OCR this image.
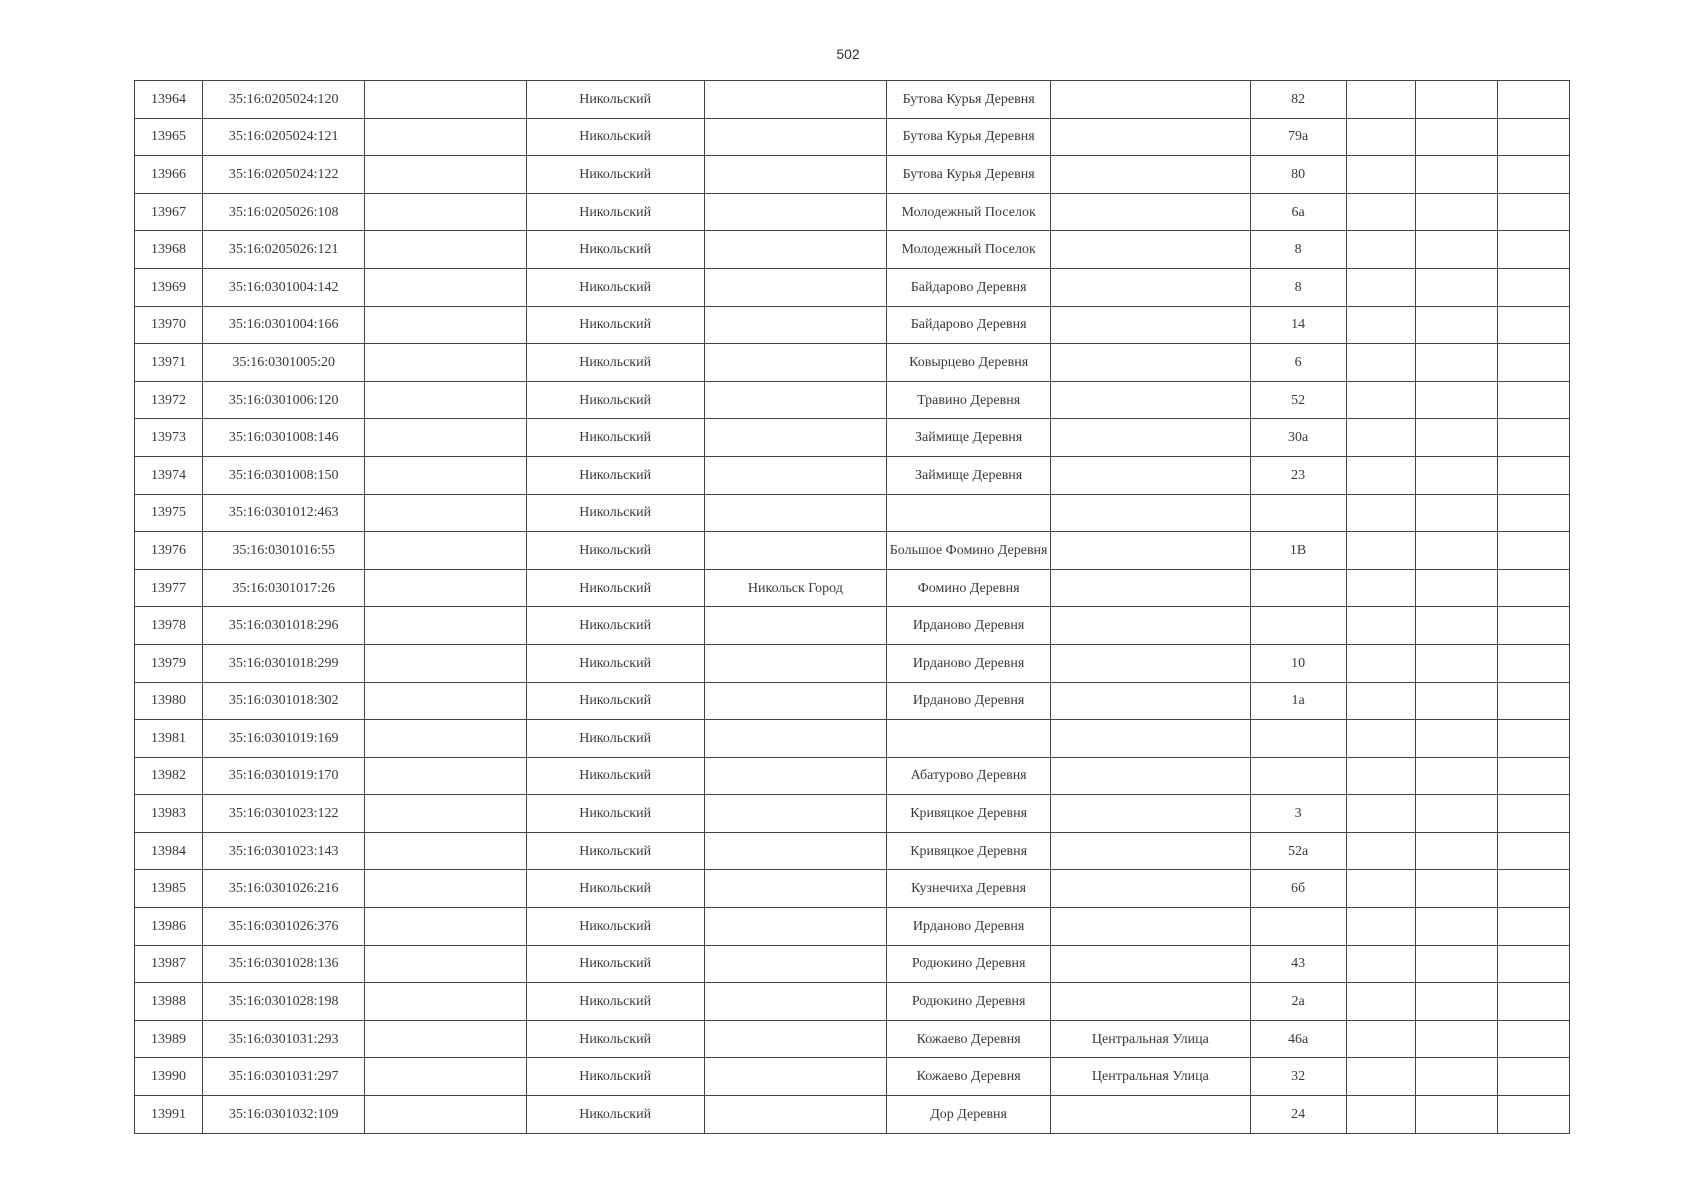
502
13964	35:16:0205024:120		Никольский		Бутова Курья Деревня		82			
13965	35:16:0205024:121		Никольский		Бутова Курья Деревня		79а			
13966	35:16:0205024:122		Никольский		Бутова Курья Деревня		80			
13967	35:16:0205026:108		Никольский		Молодежный Поселок		6а			
13968	35:16:0205026:121		Никольский		Молодежный Поселок		8			
13969	35:16:0301004:142		Никольский		Байдарово Деревня		8			
13970	35:16:0301004:166		Никольский		Байдарово Деревня		14			
13971	35:16:0301005:20		Никольский		Ковырцево Деревня		6			
13972	35:16:0301006:120		Никольский		Травино Деревня		52			
13973	35:16:0301008:146		Никольский		Займище Деревня		30а			
13974	35:16:0301008:150		Никольский		Займище Деревня		23			
13975	35:16:0301012:463		Никольский							
13976	35:16:0301016:55		Никольский		Большое Фомино Деревня		1В			
13977	35:16:0301017:26		Никольский	Никольск Город	Фомино Деревня					
13978	35:16:0301018:296		Никольский		Ирданово Деревня					
13979	35:16:0301018:299		Никольский		Ирданово Деревня		10			
13980	35:16:0301018:302		Никольский		Ирданово Деревня		1а			
13981	35:16:0301019:169		Никольский							
13982	35:16:0301019:170		Никольский		Абатурово Деревня					
13983	35:16:0301023:122		Никольский		Кривяцкое Деревня		3			
13984	35:16:0301023:143		Никольский		Кривяцкое Деревня		52а			
13985	35:16:0301026:216		Никольский		Кузнечиха Деревня		6б			
13986	35:16:0301026:376		Никольский		Ирданово Деревня					
13987	35:16:0301028:136		Никольский		Родюкино Деревня		43			
13988	35:16:0301028:198		Никольский		Родюкино Деревня		2а			
13989	35:16:0301031:293		Никольский		Кожаево Деревня	Центральная Улица	46а			
13990	35:16:0301031:297		Никольский		Кожаево Деревня	Центральная Улица	32			
13991	35:16:0301032:109		Никольский		Дор Деревня		24			
